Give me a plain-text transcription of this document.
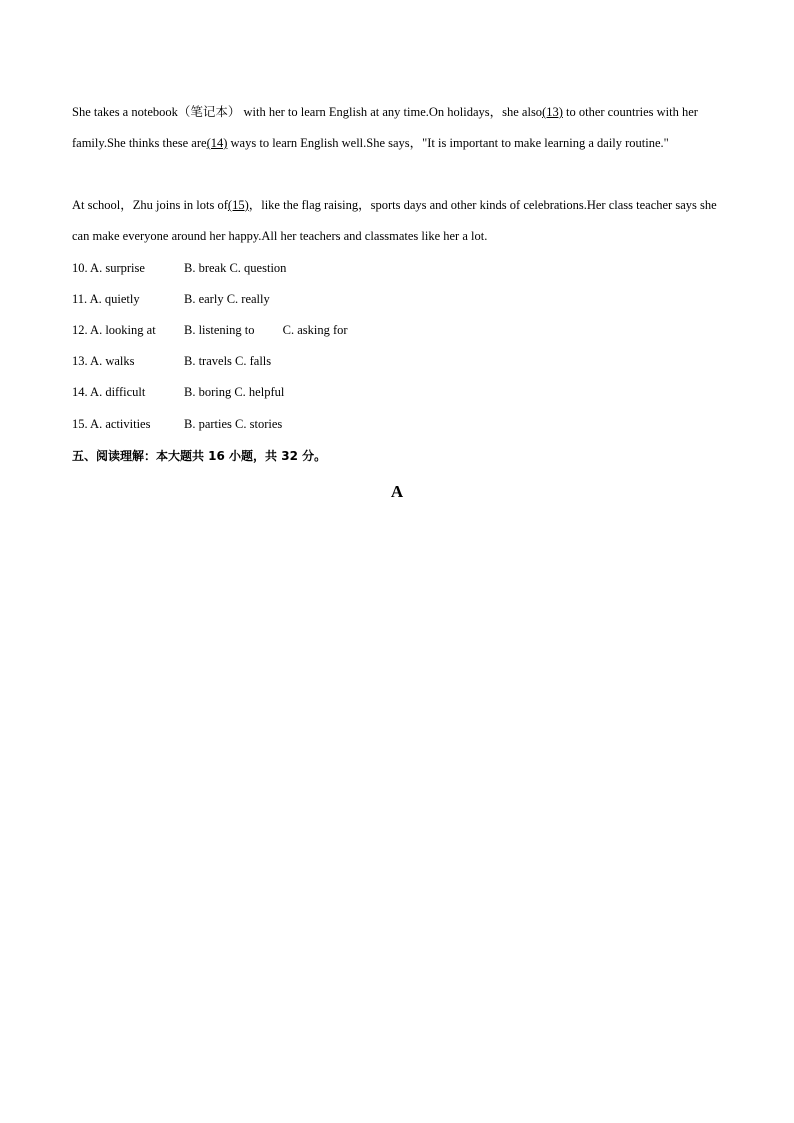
She takes a notebook（笔记本） with her to learn English at any time.On holidays，she also(13) to other countries with her family.She thinks these are(14) ways to learn English well.She says，"It is important to make learning a daily routine."

At school，Zhu joins in lots of(15)，like the flag raising，sports days and other kinds of celebrations.Her class teacher says she can make everyone around her happy.All her teachers and classmates like her a lot.

10. A. surprise	B. break C. question
11. A. quietly	B. early C. really
12. A. looking at B. listening to         C. asking for
13. A. walks	B. travels C. falls
14. A. difficult	B. boring C. helpful
15. A. activities	B. parties C. stories
五、阅读理解：本大题共 16 小题，共 32 分。
A
